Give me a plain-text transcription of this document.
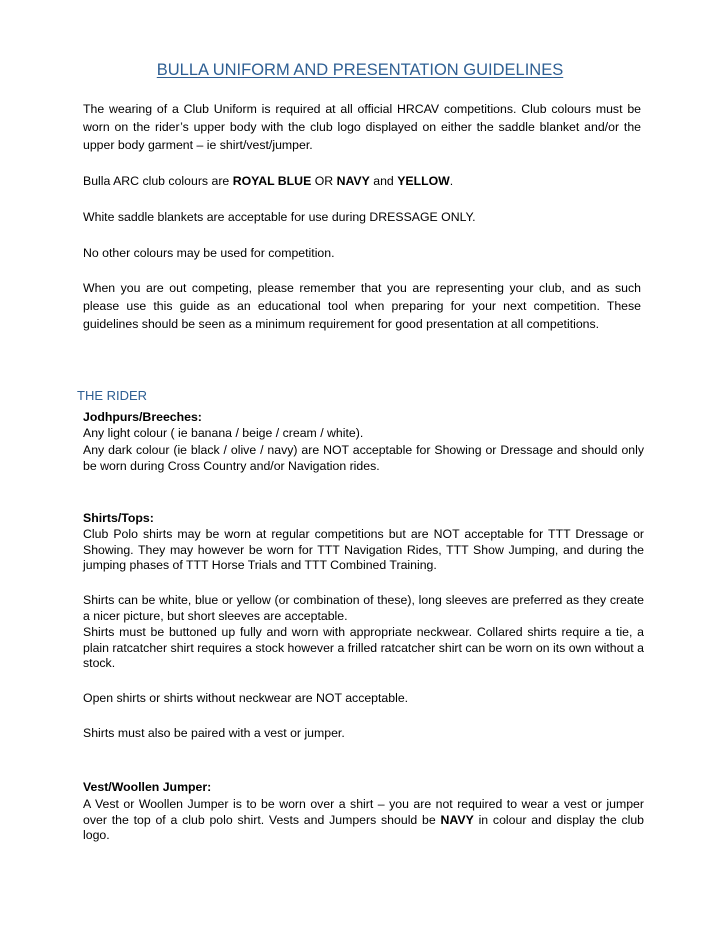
BULLA UNIFORM AND PRESENTATION GUIDELINES

The wearing of a Club Uniform is required at all official HRCAV competitions. Club colours must be worn on the rider’s upper body with the club logo displayed on either the saddle blanket and/or the upper body garment – ie shirt/vest/jumper.

Bulla ARC club colours are ROYAL BLUE OR NAVY and YELLOW.

White saddle blankets are acceptable for use during DRESSAGE ONLY.

No other colours may be used for competition.

When you are out competing, please remember that you are representing your club, and as such please use this guide as an educational tool when preparing for your next competition. These guidelines should be seen as a minimum requirement for good presentation at all competitions.

THE RIDER

Jodhpurs/Breeches:

Any light colour ( ie banana / beige / cream / white).

Any dark colour (ie black / olive / navy) are NOT acceptable for Showing or Dressage and should only be worn during Cross Country and/or Navigation rides.

Shirts/Tops:

Club Polo shirts may be worn at regular competitions but are NOT acceptable for TTT Dressage or Showing. They may however be worn for TTT Navigation Rides, TTT Show Jumping, and during the jumping phases of TTT Horse Trials and TTT Combined Training.

Shirts can be white, blue or yellow (or combination of these), long sleeves are preferred as they create a nicer picture, but short sleeves are acceptable.

Shirts must be buttoned up fully and worn with appropriate neckwear. Collared shirts require a tie, a plain ratcatcher shirt requires a stock however a frilled ratcatcher shirt can be worn on its own without a stock.

Open shirts or shirts without neckwear are NOT acceptable.

Shirts must also be paired with a vest or jumper.

Vest/Woollen Jumper:

A Vest or Woollen Jumper is to be worn over a shirt – you are not required to wear a vest or jumper over the top of a club polo shirt. Vests and Jumpers should be NAVY in colour and display the club logo.
